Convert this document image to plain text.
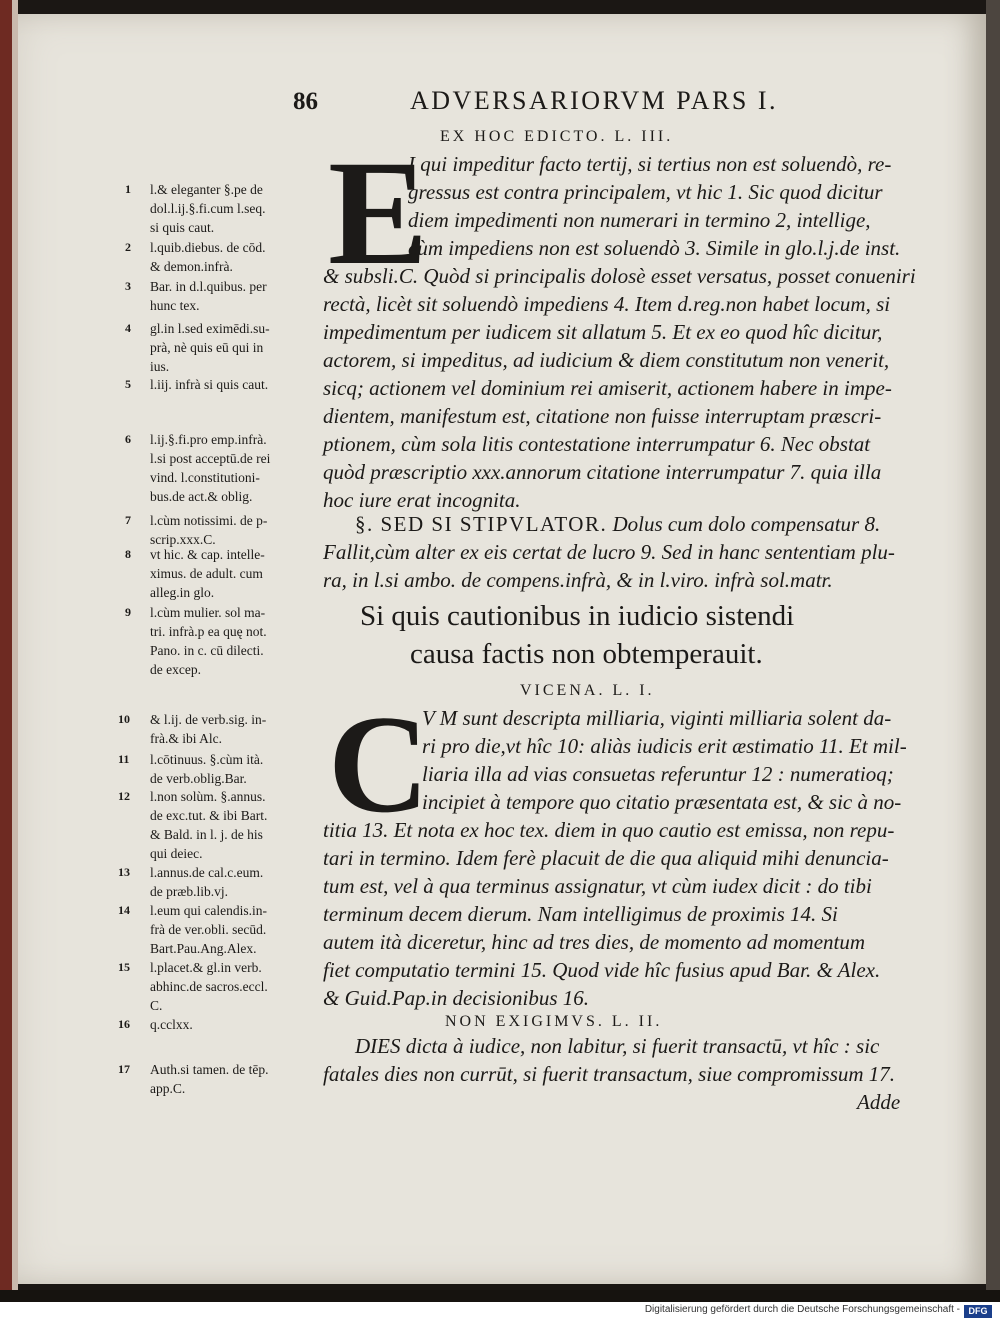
86	ADVERSARIORVM PARS I.
EX HOC EDICTO. L. III.
E
I qui impeditur facto tertij, si tertius non est soluendò, re-
gressus est contra principalem, vt hic 1. Sic quod dicitur
diem impedimenti non numerari in termino 2, intellige,
cùm impediens non est soluendò 3. Simile in glo.l.j.de inst.
& subsli.C. Quòd si principalis dolosè esset versatus, posset conueniri
rectà, licèt sit soluendò impediens 4. Item d.reg.non habet locum, si
impedimentum per iudicem sit allatum 5. Et ex eo quod hîc dicitur,
actorem, si impeditus, ad iudicium & diem constitutum non venerit,
sicq; actionem vel dominium rei amiserit, actionem habere in impe-
dientem, manifestum est, citatione non fuisse interruptam præscri-
ptionem, cùm sola litis contestatione interrumpatur 6. Nec obstat
quòd præscriptio xxx.annorum citatione interrumpatur 7. quia illa
hoc iure erat incognita.
§. SED SI STIPVLATOR. Dolus cum dolo compensatur 8.
Fallit,cùm alter ex eis certat de lucro 9. Sed in hanc sententiam plu-
ra, in l.si ambo. de compens.infrà, & in l.viro. infrà sol.matr.
Si quis cautionibus in iudicio sistendi
causa factis non obtemperauit.
VICENA. L. I.
C
V M sunt descripta milliaria, viginti milliaria solent da-
ri pro die,vt hîc 10: aliàs iudicis erit æstimatio 11. Et mil-
liaria illa ad vias consuetas referuntur 12 : numeratioq;
incipiet à tempore quo citatio præsentata est, & sic à no-
titia 13. Et nota ex hoc tex. diem in quo cautio est emissa, non repu-
tari in termino. Idem ferè placuit de die qua aliquid mihi denuncia-
tum est, vel à qua terminus assignatur, vt cùm iudex dicit : do tibi
terminum decem dierum. Nam intelligimus de proximis 14. Si
autem ità diceretur, hinc ad tres dies, de momento ad momentum
fiet computatio termini 15. Quod vide hîc fusius apud Bar. & Alex.
& Guid.Pap.in decisionibus 16.
NON EXIGIMVS. L. II.
DIES dicta à iudice, non labitur, si fuerit transactū, vt hîc : sic
fatales dies non currūt, si fuerit transactum, siue compromissum 17.
Adde
1 l.& eleganter §.pe de
dol.l.ij.§.fi.cum l.seq.
si quis caut.
2 l.quib.diebus. de cōd.
& demon.infrà.
3 Bar. in d.l.quibus. per
hunc tex.
4 gl.in l.sed eximēdi.su-
prà, nè quis eū qui in
ius.
5 l.iij. infrà si quis caut.
6 l.ij.§.fi.pro emp.infrà.
l.si post acceptū.de rei
vind. l.constitutioni-
bus.de act.& oblig.
7 l.cùm notissimi. de p-
scrip.xxx.C.
8 vt hic. & cap. intelle-
ximus. de adult. cum
alleg.in glo.
9 l.cùm mulier. sol ma-
tri. infrà.p ea quę not.
Pano. in c. cū dilecti.
de excep.
10 & l.ij. de verb.sig. in-
frà.& ibi Alc.
11 l.cōtinuus. §.cùm ità.
de verb.oblig.Bar.
12 l.non solùm. §.annus.
de exc.tut. & ibi Bart.
& Bald. in l. j. de his
qui deiec.
13 l.annus.de cal.c.eum.
de præb.lib.vj.
14 l.eum qui calendis.in-
frà de ver.obli. secūd.
Bart.Pau.Ang.Alex.
15 l.placet.& gl.in verb.
abhinc.de sacros.eccl.
C.
16 q.cclxx.
17 Auth.si tamen. de tēp.
app.C.
Digitalisierung gefördert durch die Deutsche Forschungsgemeinschaft - DFG
